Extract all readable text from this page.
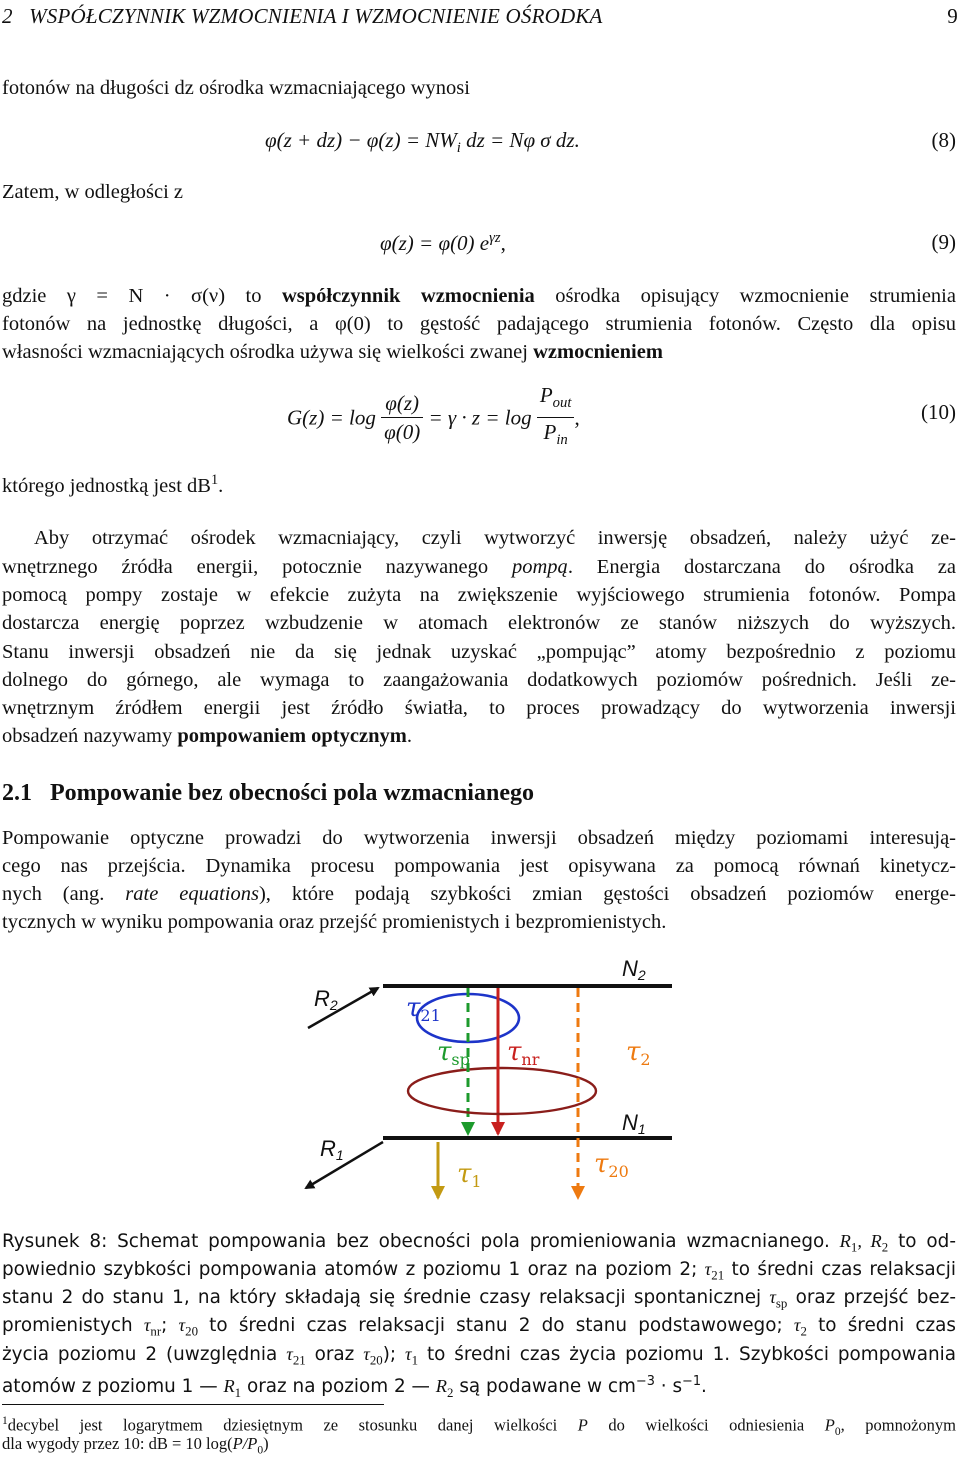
2 WSPÓŁCZYNNIK WZMOCNIENIA I WZMOCNIENIE OŚRODKA	9
fotonów na długości dz ośrodka wzmacniającego wynosi
$\varphi(z + dz) - \varphi(z) = NW_i$ dz = Nφ σ dz.	(8)
Zatem, w odległości z
φ(z) = φ(0) $e^{\gamma z}$,	(9)
gdzie γ = N · σ(ν) to współczynnik wzmocnienia ośrodka opisujący wzmocnienie strumienia
fotonów na jednostkę długości, a φ(0) to gęstość padającego strumienia fotonów. Często dla opisu
własności wzmacniających ośrodka używa się wielkości zwanej wzmocnieniem
$G(z) = \log \frac{\varphi(z)}{\varphi(0)} = \gamma \cdot z = \log \frac{P_{out}}{P_{in}}$ ,	(10)
którego jednostką jest $dB^1$.
Aby otrzymać ośrodek wzmacniający, czyli wytworzyć inwersję obsadzeń, należy użyć ze-
wnętrznego źródła energii, potocznie nazywanego pompą. Energia dostarczana do ośrodka za
pomocą pompy zostaje w efekcie zużyta na zwiększenie wyjściowego strumienia fotonów. Pompa
dostarcza energię poprzez wzbudzenie w atomach elektronów ze stanów niższych do wyższych.
Stanu inwersji obsadzeń nie da się jednak uzyskać „pompując” atomy bezpośrednio z poziomu
dolnego do górnego, ale wymaga to zaangażowania dodatkowych poziomów pośrednich. Jeśli ze-
wnętrznym źródłem energii jest źródło światła, to proces prowadzący do wytworzenia inwersji
obsadzeń nazywamy pompowaniem optycznym.
2.1 Pompowanie bez obecności pola wzmacnianego
Pompowanie optyczne prowadzi do wytworzenia inwersji obsadzeń między poziomami interesują-
cego nas przejścia. Dynamika procesu pompowania jest opisywana za pomocą równań kinetycz-
nych (ang. rate equations), które podają szybkości zmian gęstości obsadzeń poziomów energe-
tycznych w wyniku pompowania oraz przejść promienistych i bezpromienistych.
N2
N1
R2
R1
τ21
τsp τnr	τ2
τ1
τ20
Rysunek 8: Schemat pompowania bez obecności pola promieniowania wzmacnianego. $R_1$, $R_2$ to od-
powiednio szybkości pompowania atomów z poziomu 1 oraz na poziom 2; $\tau_{21}$ to średni czas relaksacji
stanu 2 do stanu 1, na który składają się średnie czasy relaksacji spontanicznej $\tau_{sp}$ oraz przejść bez-
promienistych $\tau_{nr}$; $\tau_{20}$ to średni czas relaksacji stanu 2 do stanu podstawowego; $\tau_2$ to średni czas
życia poziomu 2 (uwzględnia $\tau_{21}$ oraz $\tau_{20}$); $\tau_1$ to średni czas życia poziomu 1. Szybkości pompowania
atomów z poziomu 1 — $R_1$ oraz na poziom 2 — $R_2$ są podawane w $cm^{-3} \cdot s^{-1}$.
$^1$decybel jest logarytmem dziesiętnym ze stosunku danej wielkości P do wielkości odniesienia $P_0$, pomnożonym
dla wygody przez 10: dB = 10 $\log(P/P_0)$
